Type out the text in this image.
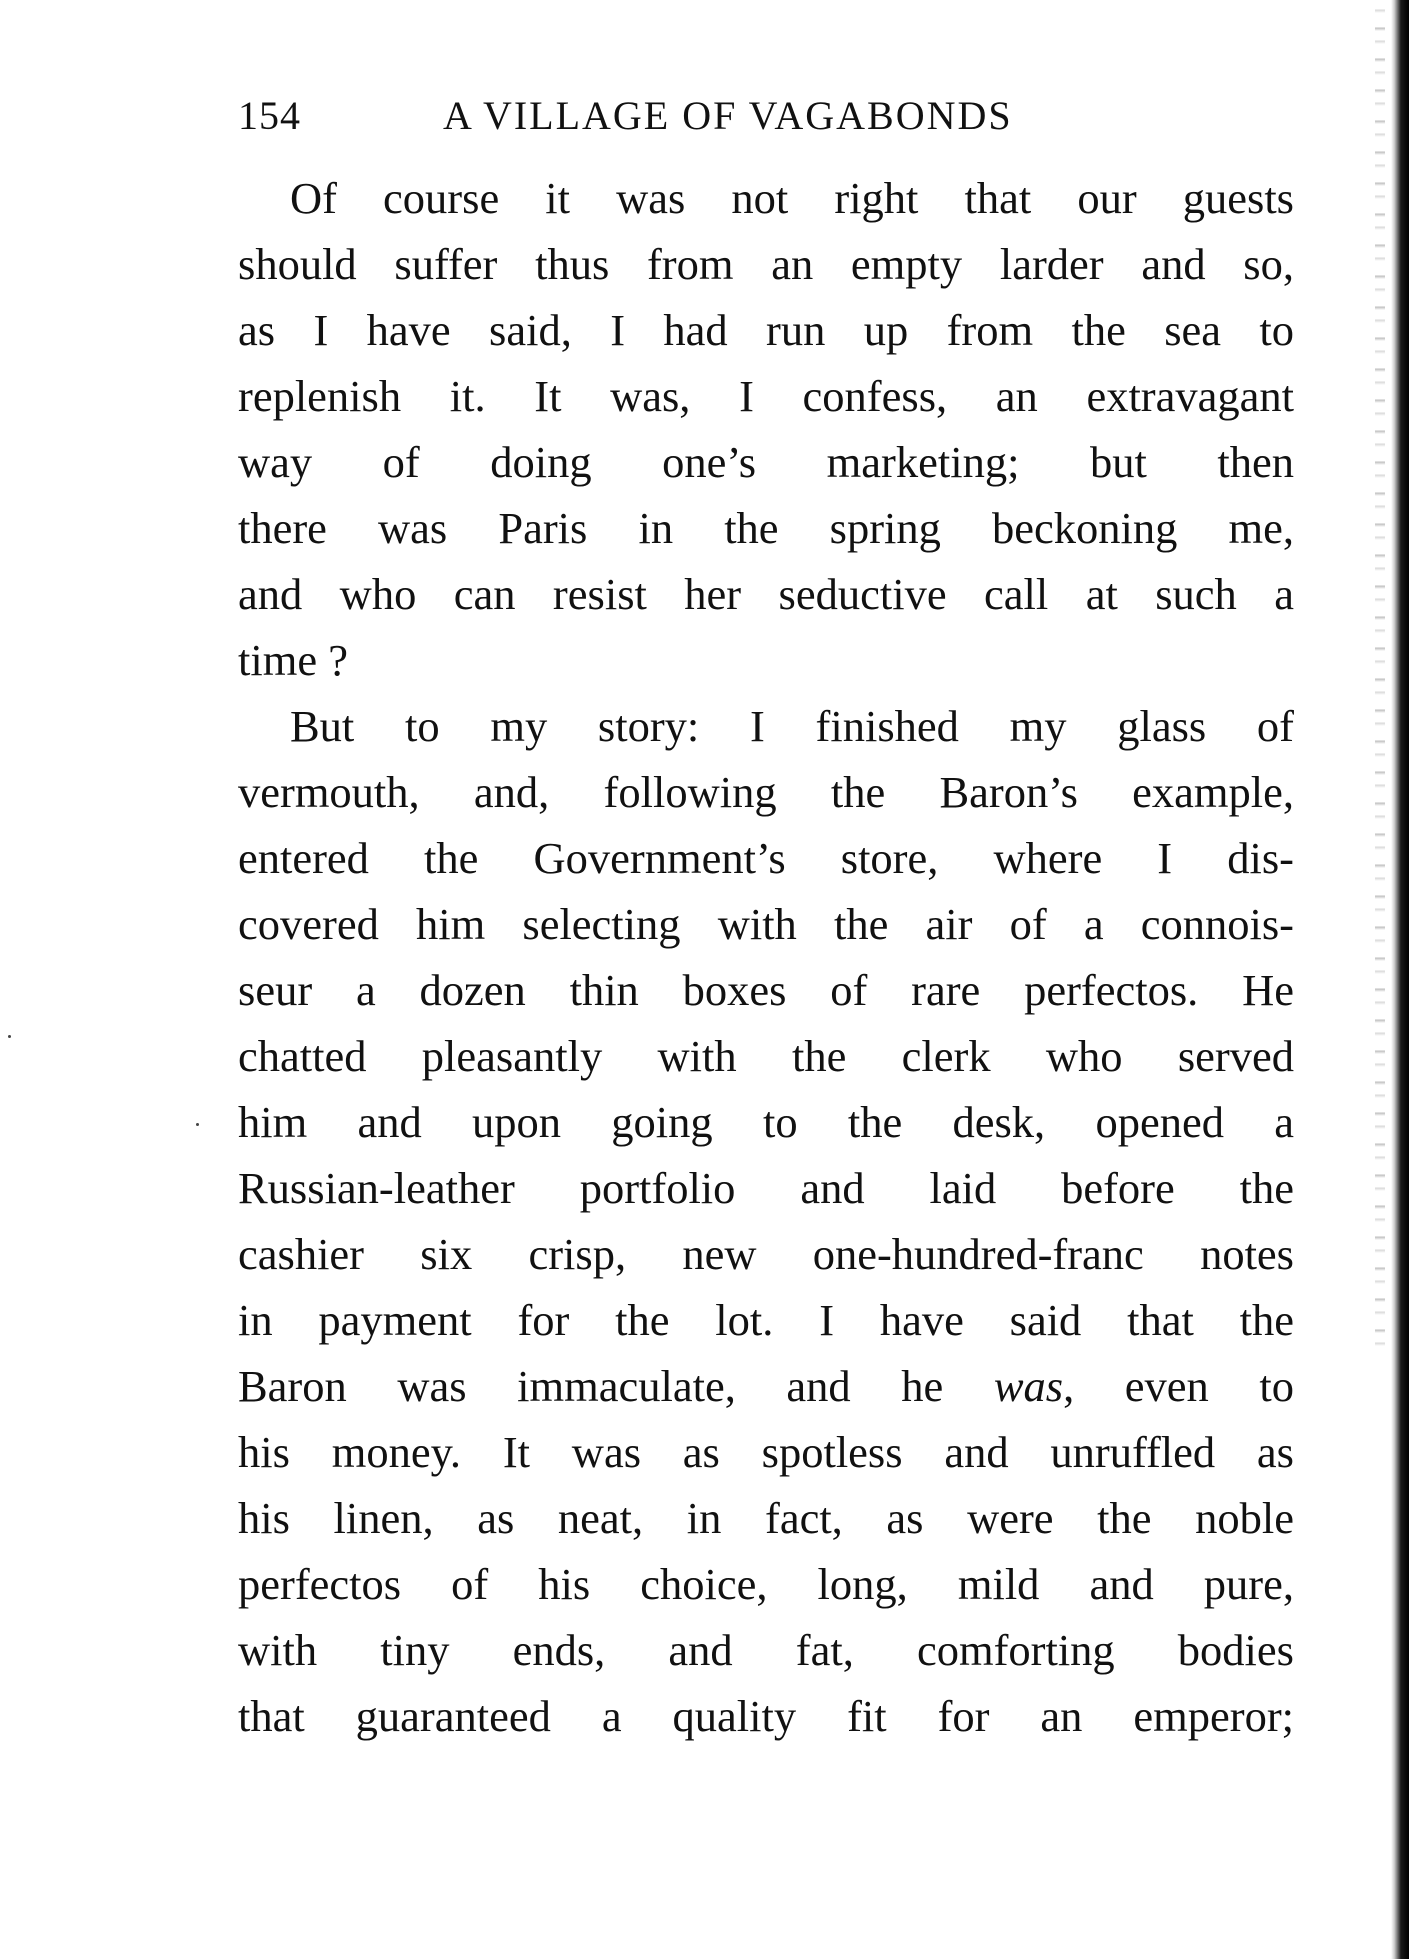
154	A VILLAGE OF VAGABONDS
Of course it was not right that our guests
should suffer thus from an empty larder and so,
as I have said, I had run up from the sea to
replenish it. It was, I confess, an extravagant
way of doing one’s marketing; but then
there was Paris in the spring beckoning me,
and who can resist her seductive call at such a
time ?
But to my story: I finished my glass of
vermouth, and, following the Baron’s example,
entered the Government’s store, where I dis-
covered him selecting with the air of a connois-
seur a dozen thin boxes of rare perfectos. He
chatted pleasantly with the clerk who served
him and upon going to the desk, opened a
Russian-leather portfolio and laid before the
cashier six crisp, new one-hundred-franc notes
in payment for the lot. I have said that the
Baron was immaculate, and he was, even to
his money. It was as spotless and unruffled as
his linen, as neat, in fact, as were the noble
perfectos of his choice, long, mild and pure,
with tiny ends, and fat, comforting bodies
that guaranteed a quality fit for an emperor;
